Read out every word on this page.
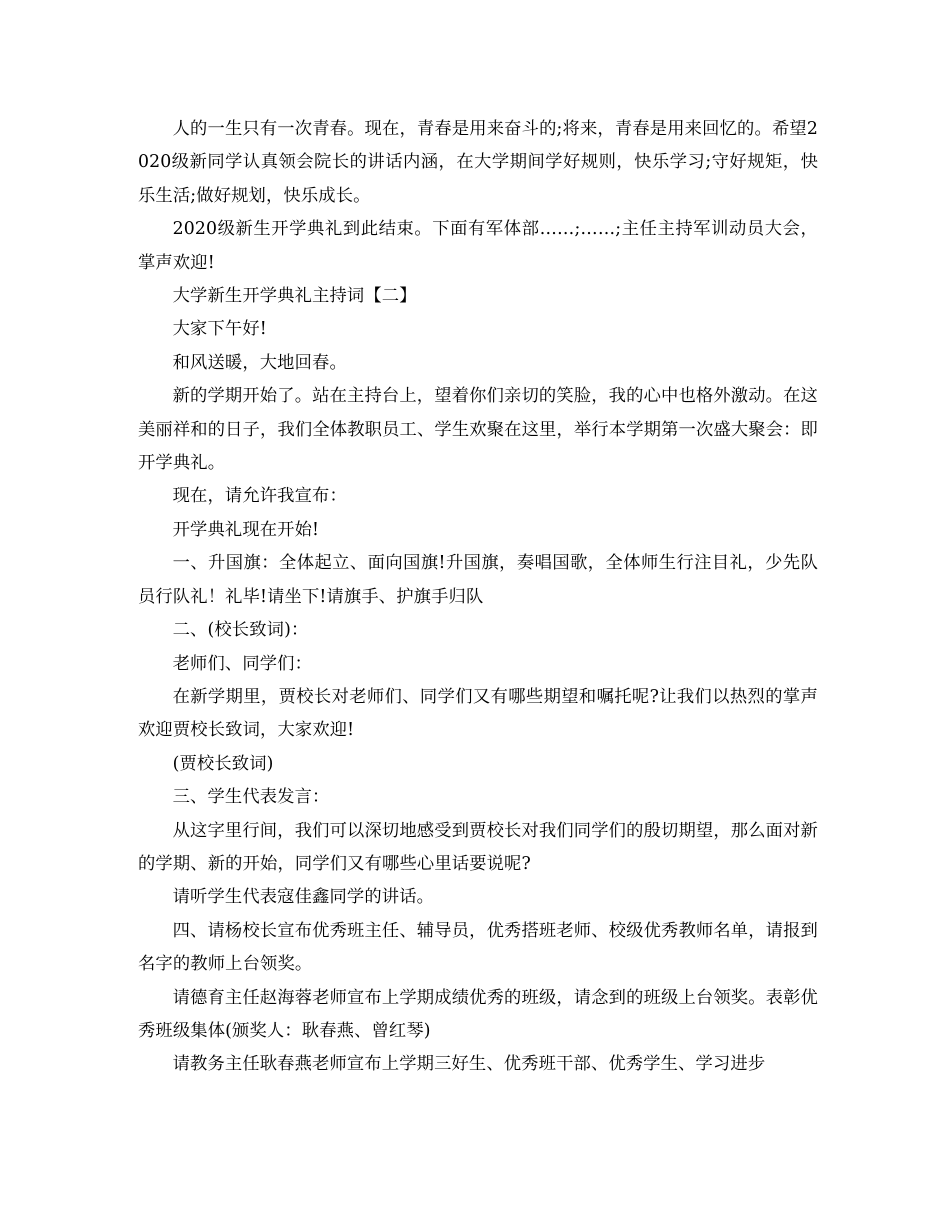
人的一生只有一次青春。现在，青春是用来奋斗的;将来，青春是用来回忆的。希望2020级新同学认真领会院长的讲话内涵，在大学期间学好规则，快乐学习;守好规矩，快乐生活;做好规划，快乐成长。

2020级新生开学典礼到此结束。下面有军体部……;……;主任主持军训动员大会，掌声欢迎!

大学新生开学典礼主持词【二】

大家下午好!

和风送暖，大地回春。

新的学期开始了。站在主持台上，望着你们亲切的笑脸，我的心中也格外激动。在这美丽祥和的日子，我们全体教职员工、学生欢聚在这里，举行本学期第一次盛大聚会：即开学典礼。

现在，请允许我宣布：

开学典礼现在开始!

一、升国旗：全体起立、面向国旗!升国旗，奏唱国歌，全体师生行注目礼，少先队员行队礼！礼毕!请坐下!请旗手、护旗手归队

二、(校长致词)：

老师们、同学们：

在新学期里，贾校长对老师们、同学们又有哪些期望和嘱托呢?让我们以热烈的掌声欢迎贾校长致词，大家欢迎!

(贾校长致词)

三、学生代表发言：

从这字里行间，我们可以深切地感受到贾校长对我们同学们的殷切期望，那么面对新的学期、新的开始，同学们又有哪些心里话要说呢?

请听学生代表寇佳鑫同学的讲话。

四、请杨校长宣布优秀班主任、辅导员，优秀搭班老师、校级优秀教师名单，请报到名字的教师上台领奖。

请德育主任赵海蓉老师宣布上学期成绩优秀的班级，请念到的班级上台领奖。表彰优秀班级集体(颁奖人：耿春燕、曾红琴)

请教务主任耿春燕老师宣布上学期三好生、优秀班干部、优秀学生、学习进步
